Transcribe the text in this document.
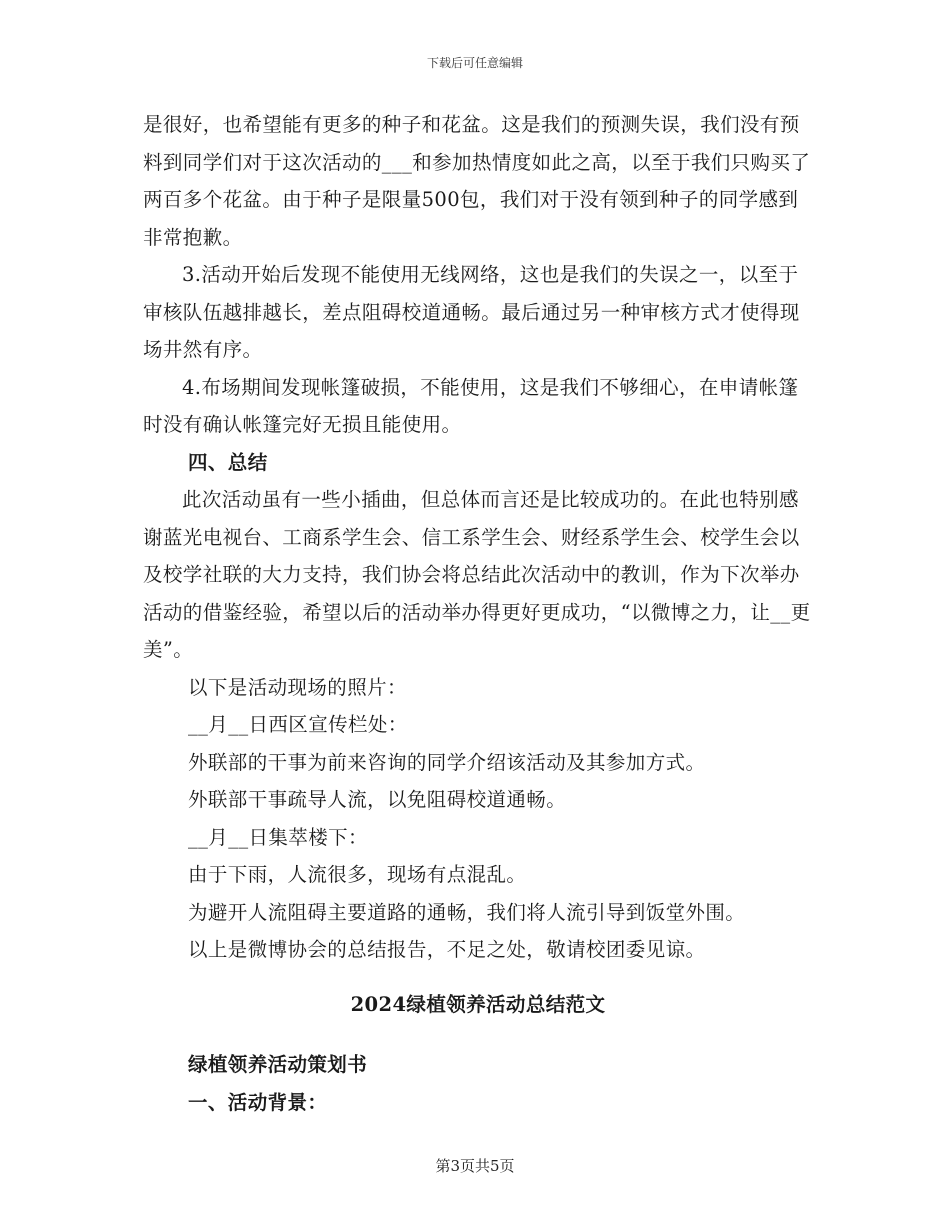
下载后可任意编辑

是很好，也希望能有更多的种子和花盆。这是我们的预测失误，我们没有预料到同学们对于这次活动的___和参加热情度如此之高，以至于我们只购买了两百多个花盆。由于种子是限量500包，我们对于没有领到种子的同学感到非常抱歉。

3.活动开始后发现不能使用无线网络，这也是我们的失误之一，以至于审核队伍越排越长，差点阻碍校道通畅。最后通过另一种审核方式才使得现场井然有序。

4.布场期间发现帐篷破损，不能使用，这是我们不够细心，在申请帐篷时没有确认帐篷完好无损且能使用。

四、总结

此次活动虽有一些小插曲，但总体而言还是比较成功的。在此也特别感谢蓝光电视台、工商系学生会、信工系学生会、财经系学生会、校学生会以及校学社联的大力支持，我们协会将总结此次活动中的教训，作为下次举办活动的借鉴经验，希望以后的活动举办得更好更成功，“以微博之力，让__更美”。

以下是活动现场的照片：

__月__日西区宣传栏处：

外联部的干事为前来咨询的同学介绍该活动及其参加方式。

外联部干事疏导人流，以免阻碍校道通畅。

__月__日集萃楼下：

由于下雨，人流很多，现场有点混乱。

为避开人流阻碍主要道路的通畅，我们将人流引导到饭堂外围。

以上是微博协会的总结报告，不足之处，敬请校团委见谅。

2024绿植领养活动总结范文

绿植领养活动策划书

一、活动背景：

第3页共5页
